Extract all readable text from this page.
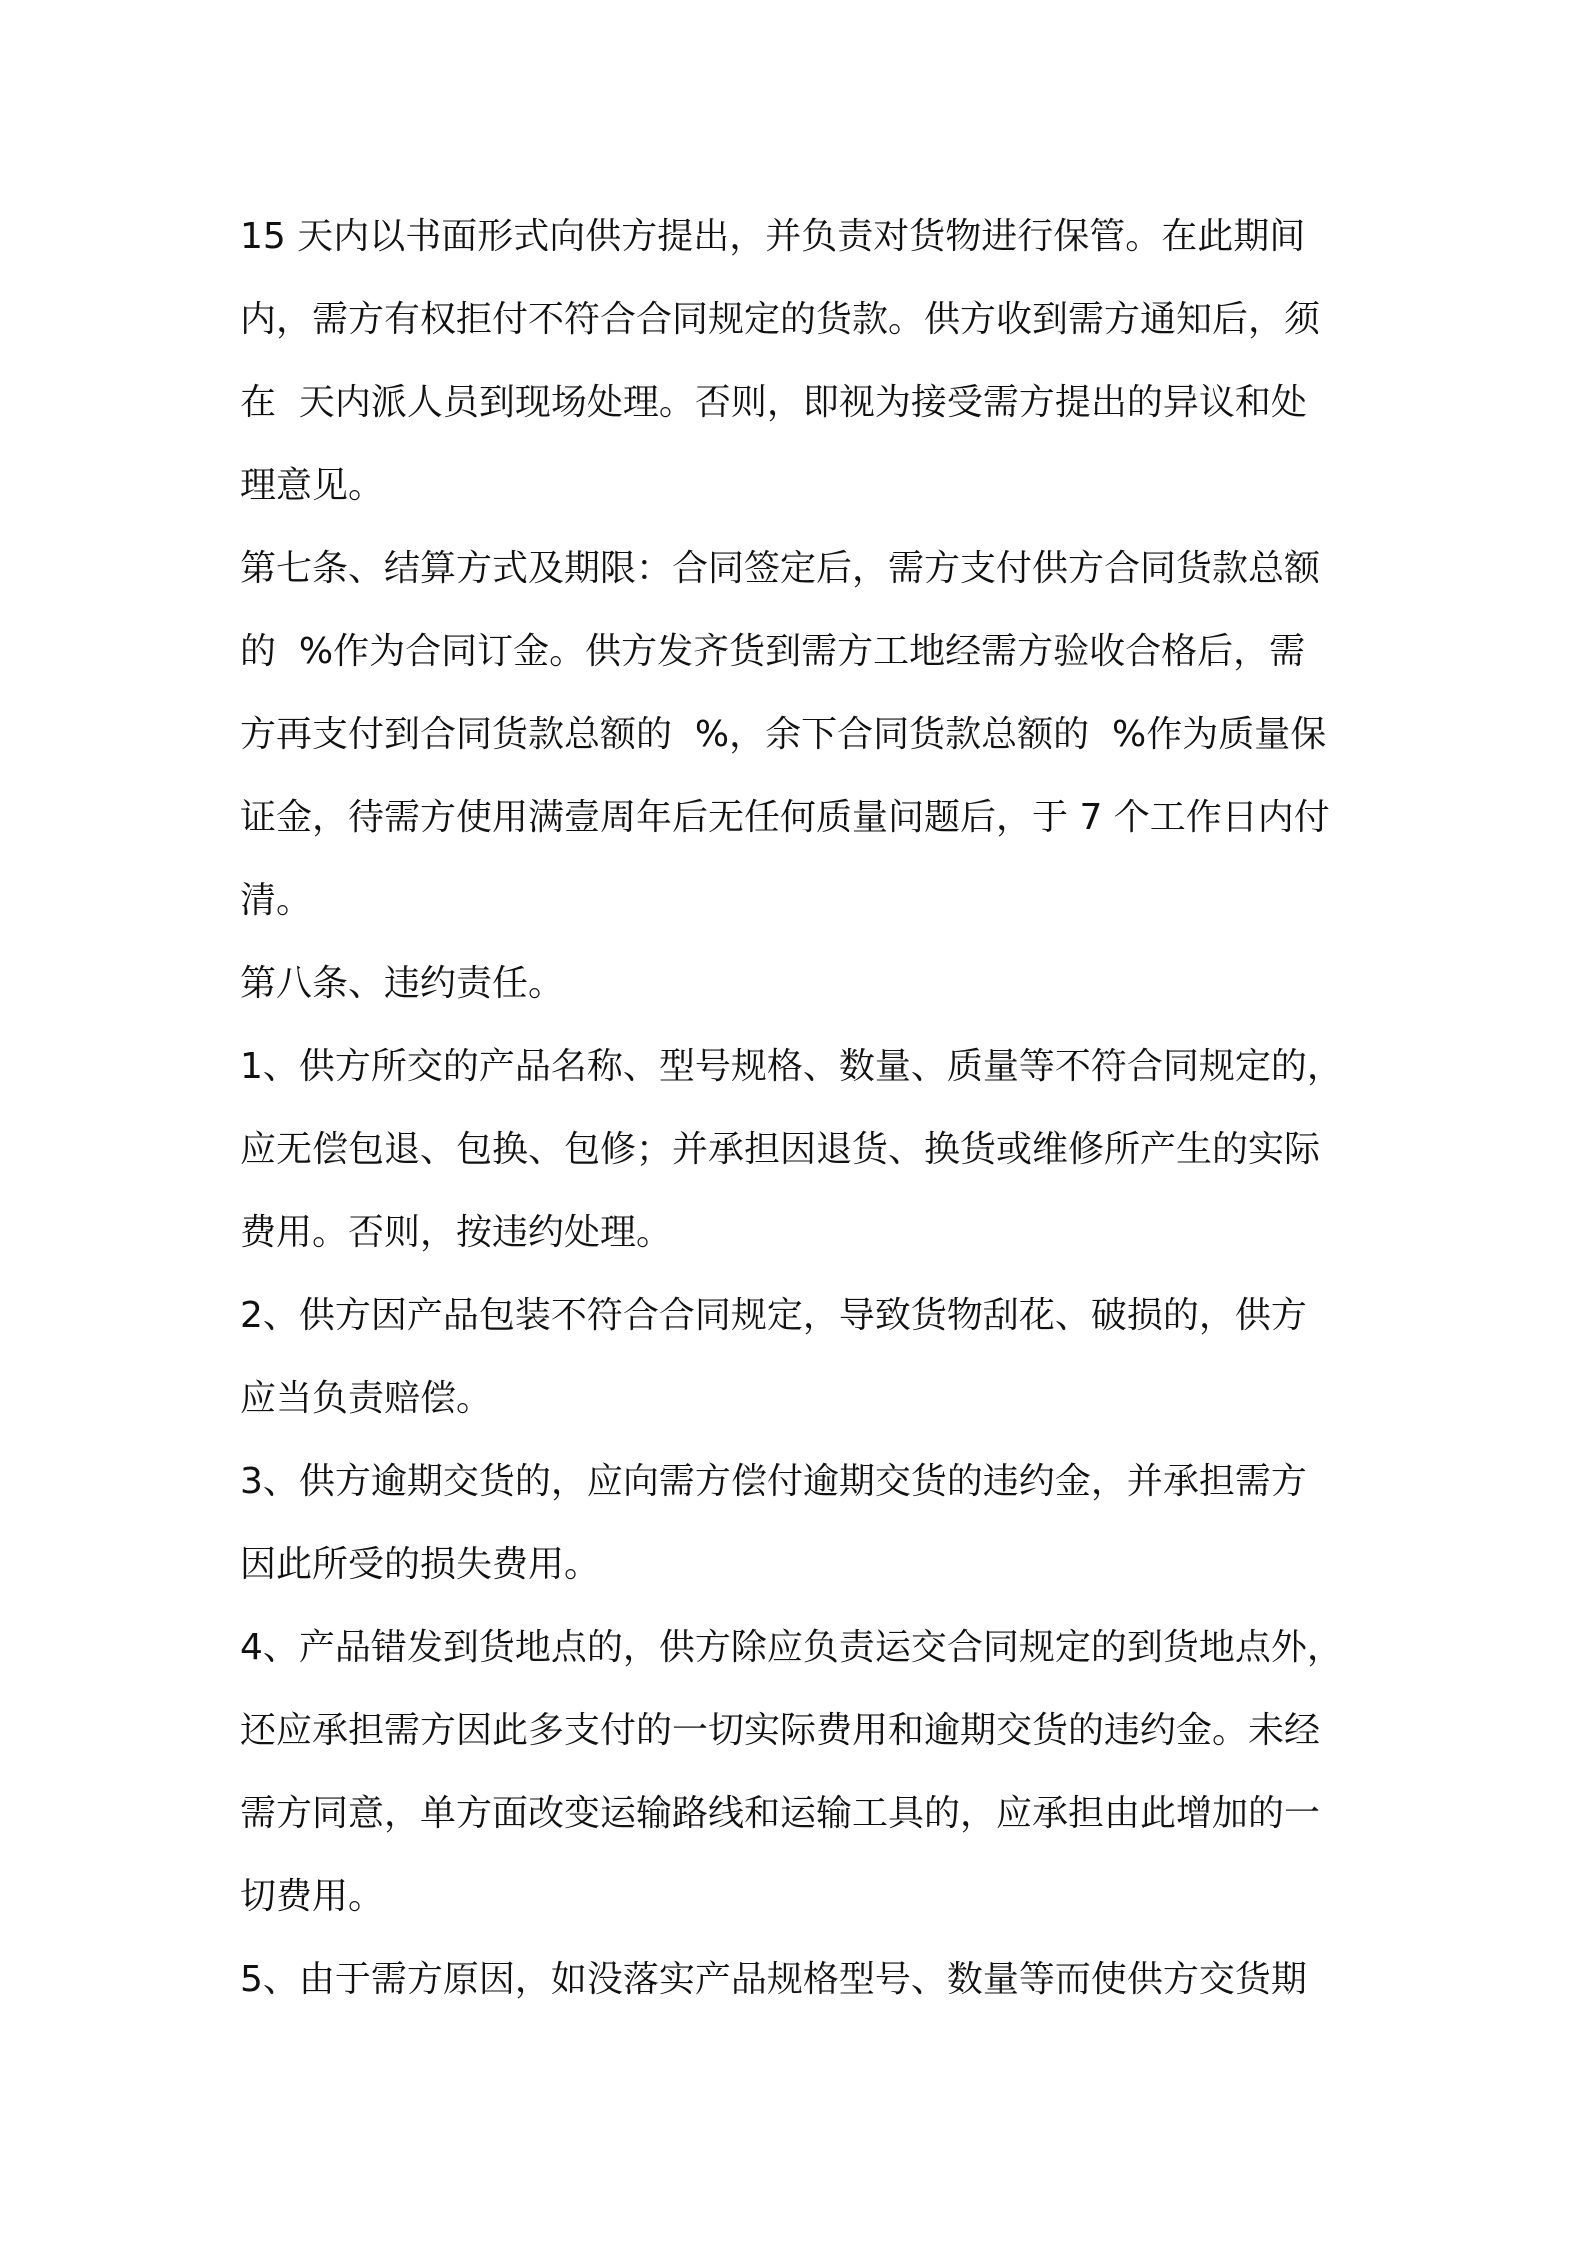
15 天内以书面形式向供方提出，并负责对货物进行保管。在此期间
内，需方有权拒付不符合合同规定的货款。供方收到需方通知后，须
在  天内派人员到现场处理。否则，即视为接受需方提出的异议和处
理意见。
第七条、结算方式及期限：合同签定后，需方支付供方合同货款总额
的  %作为合同订金。供方发齐货到需方工地经需方验收合格后，需
方再支付到合同货款总额的  %，余下合同货款总额的  %作为质量保
证金，待需方使用满壹周年后无任何质量问题后，于 7 个工作日内付
清。
第八条、违约责任。
1、供方所交的产品名称、型号规格、数量、质量等不符合同规定的，
应无偿包退、包换、包修；并承担因退货、换货或维修所产生的实际
费用。否则，按违约处理。
2、供方因产品包装不符合合同规定，导致货物刮花、破损的，供方
应当负责赔偿。
3、供方逾期交货的，应向需方偿付逾期交货的违约金，并承担需方
因此所受的损失费用。
4、产品错发到货地点的，供方除应负责运交合同规定的到货地点外，
还应承担需方因此多支付的一切实际费用和逾期交货的违约金。未经
需方同意，单方面改变运输路线和运输工具的，应承担由此增加的一
切费用。
5、由于需方原因，如没落实产品规格型号、数量等而使供方交货期
